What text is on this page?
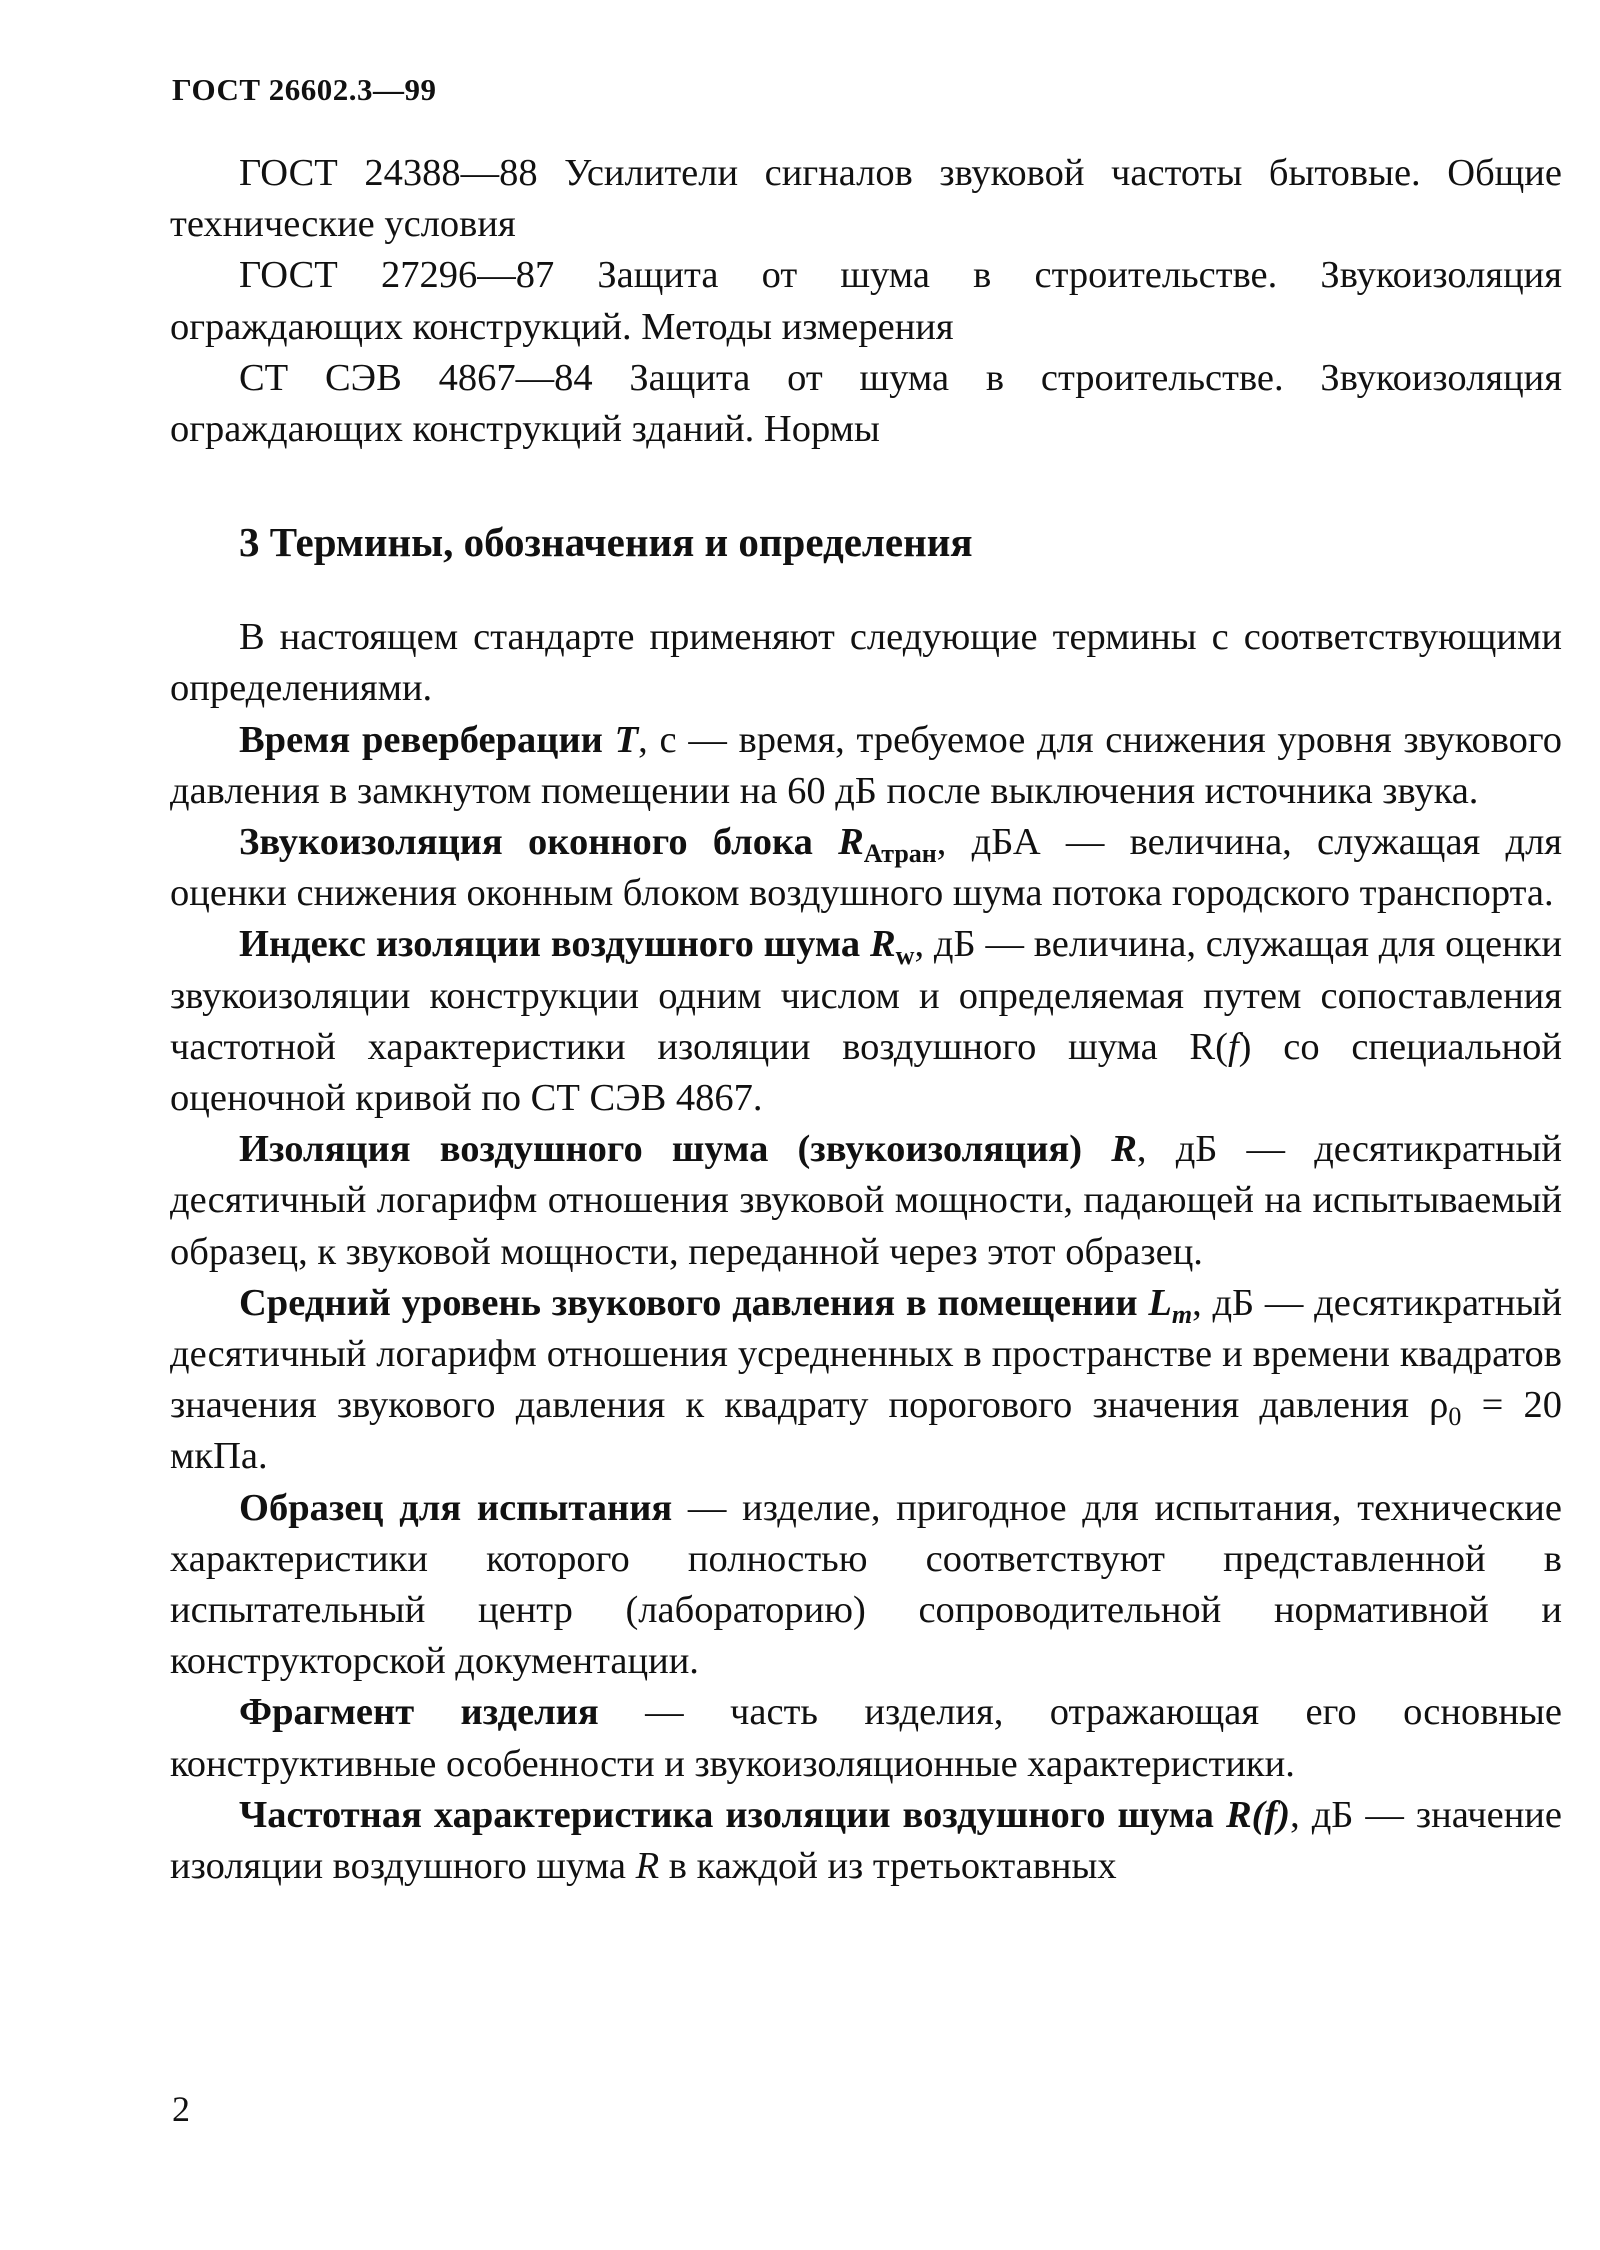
ГОСТ 26602.3—99

ГОСТ 24388—88 Усилители сигналов звуковой частоты бытовые. Общие технические условия

ГОСТ 27296—87 Защита от шума в строительстве. Звукоизоляция ограждающих конструкций. Методы измерения

СТ СЭВ 4867—84 Защита от шума в строительстве. Звукоизоляция ограждающих конструкций зданий. Нормы

3 Термины, обозначения и определения

В настоящем стандарте применяют следующие термины с соответствующими определениями.

Время реверберации T, с — время, требуемое для снижения уровня звукового давления в замкнутом помещении на 60 дБ после выключения источника звука.

Звукоизоляция оконного блока $R_{Атран}$, дБА — величина, служащая для оценки снижения оконным блоком воздушного шума потока городского транспорта.

Индекс изоляции воздушного шума $R_w$, дБ — величина, служащая для оценки звукоизоляции конструкции одним числом и определяемая путем сопоставления частотной характеристики изоляции воздушного шума R(f) со специальной оценочной кривой по СТ СЭВ 4867.

Изоляция воздушного шума (звукоизоляция) R, дБ — десятикратный десятичный логарифм отношения звуковой мощности, падающей на испытываемый образец, к звуковой мощности, переданной через этот образец.

Средний уровень звукового давления в помещении $L_m$, дБ — десятикратный десятичный логарифм отношения усредненных в пространстве и времени квадратов значения звукового давления к квадрату порогового значения давления $\rho_0 = 20$ мкПа.

Образец для испытания — изделие, пригодное для испытания, технические характеристики которого полностью соответствуют представленной в испытательный центр (лабораторию) сопроводительной нормативной и конструкторской документации.

Фрагмент изделия — часть изделия, отражающая его основные конструктивные особенности и звукоизоляционные характеристики.

Частотная характеристика изоляции воздушного шума R(f), дБ — значение изоляции воздушного шума R в каждой из третьоктавных

2
